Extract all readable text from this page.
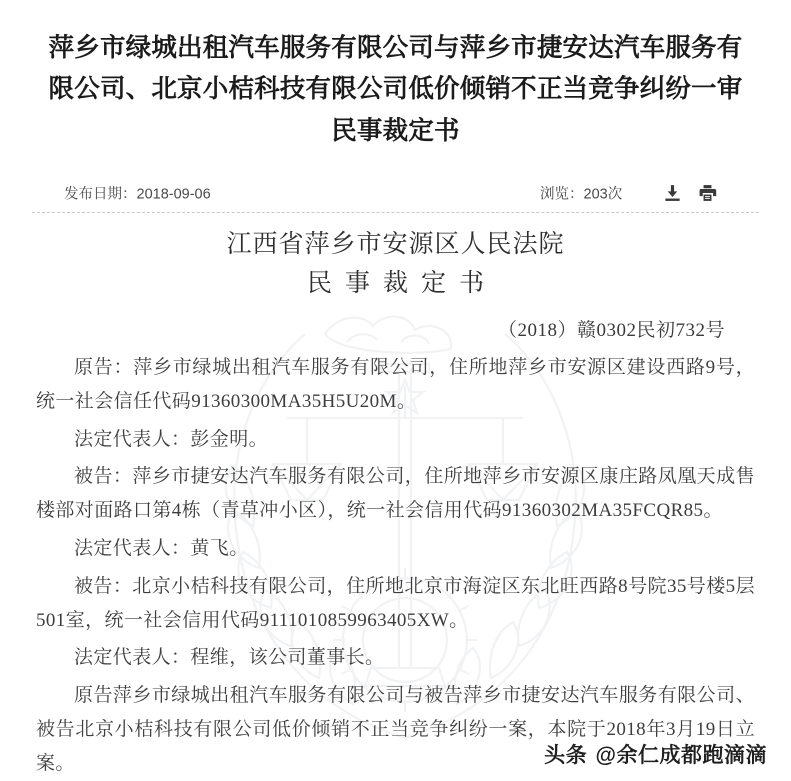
萍乡市绿城出租汽车服务有限公司与萍乡市捷安达汽车服务有限公司、北京小桔科技有限公司低价倾销不正当竞争纠纷一审民事裁定书
发布日期：2018-09-06	浏览：203次
江西省萍乡市安源区人民法院
民事裁定书
（2018）赣0302民初732号

原告：萍乡市绿城出租汽车服务有限公司，住所地萍乡市安源区建设西路9号，统一社会信任代码91360300MA35H5U20M。

法定代表人：彭金明。

被告：萍乡市捷安达汽车服务有限公司，住所地萍乡市安源区康庄路凤凰天成售楼部对面路口第4栋（青草冲小区），统一社会信用代码91360302MA35FCQR85。

法定代表人：黄飞。

被告：北京小桔科技有限公司，住所地北京市海淀区东北旺西路8号院35号楼5层501室，统一社会信用代码9111010859963405XW。

法定代表人：程维，该公司董事长。

原告萍乡市绿城出租汽车服务有限公司与被告萍乡市捷安达汽车服务有限公司、被告北京小桔科技有限公司低价倾销不正当竞争纠纷一案，本院于2018年3月19日立案。	头条 @余仁成都跑滴滴
